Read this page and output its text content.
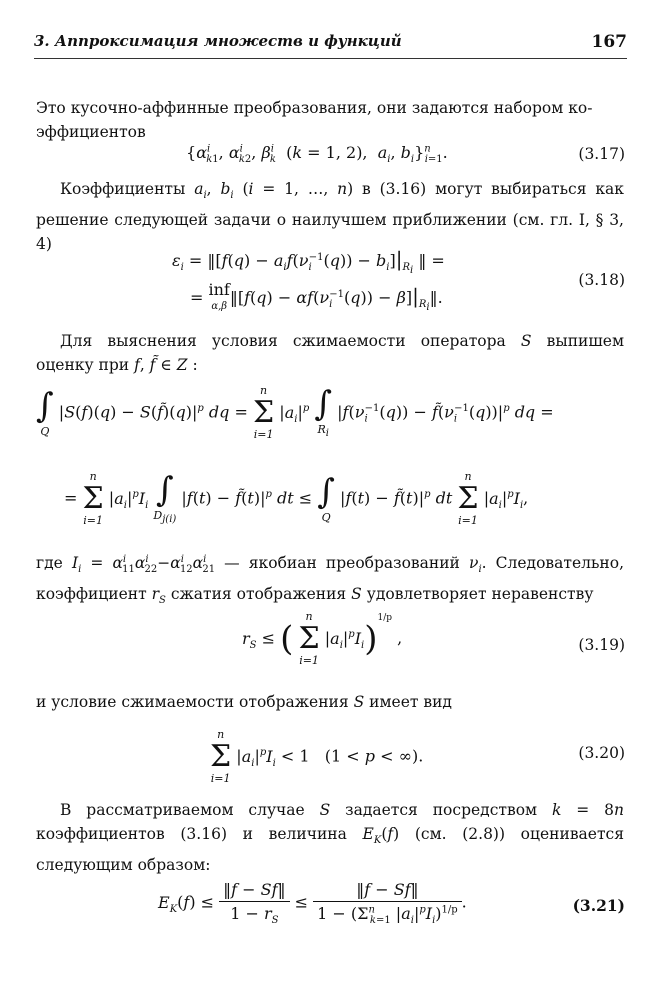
3. Аппроксимация множеств и функций	167
Это кусочно-аффинные преобразования, они задаются набором ко-
эффициентов
{$\alpha^i_{k1}$, $\alpha^i_{k2}$, $\beta^i_k$  (k = 1, 2),  $a_i$, $b_i\}^n_{i=1}$.	(3.17)
Коэффициенты $a_i$, $b_i$ (i = 1, …, n) в (3.16) могут выбираться как решение следующей задачи о наилучшем приближении (см. гл. I, § 3, 4)
$\varepsilon_i$ = ‖[f(q) − $a_if(\nu_i^{-1}(q)) - b_i]|_{R_i}$ ‖ =
= inf
α,β ‖[f(q) − $\alpha f(\nu_i^{-1}(q))$ − $\beta]|_{R_i}‖$.
(3.18)
Для выяснения условия сжимаемости оператора S выпишем оценку при f, f̃ ∈ Z :
∫
Q
$|S(f)(q) - S(f̃)(q)|^p$ dq =
n
Σ
i=1
$|a_i|^p$ ∫
$R_i$
$|f(\nu_i^{-1}(q))$ − $f̃(\nu_i^{-1}(q))|^p$ dq =
=
n
Σ
i=1
$|a_i|^pI_i$ ∫
$D_{j(i)}$
$|f(t) - f̃(t)|^p$ dt ≤ ∫
Q
$|f(t) - f̃(t)|^p$ dt
n
Σ
i=1
$|a_i|^pI_i$,
где $I_i = \alpha^i_{11}\alpha^i_{22}-\alpha^i_{12}\alpha^i_{21}$ — якобиан преобразований $\nu_i$. Следовательно, коэффициент $r_S$ сжатия отображения S удовлетворяет неравенству
$r_S$ ≤ (
n
Σ
i=1
$|a_i|^pI_i)^{1/p}$ ,	(3.19)
и условие сжимаемости отображения S имеет вид
n
Σ
i=1
$|a_i|^pI_i < 1$   (1 < p < ∞).	(3.20)
В рассматриваемом случае S задается посредством k = 8n коэффициентов (3.16) и величина $E_K(f)$ (см. (2.8)) оценивается следующим образом:
$E_K(f) \le \frac{‖f - Sf‖}{1 - r_S} \le \frac{‖f - Sf‖}{1 - (\Sigma^n_{k=1} |a_i|^pI_i)^{1/p}}$ .	(3.21)
